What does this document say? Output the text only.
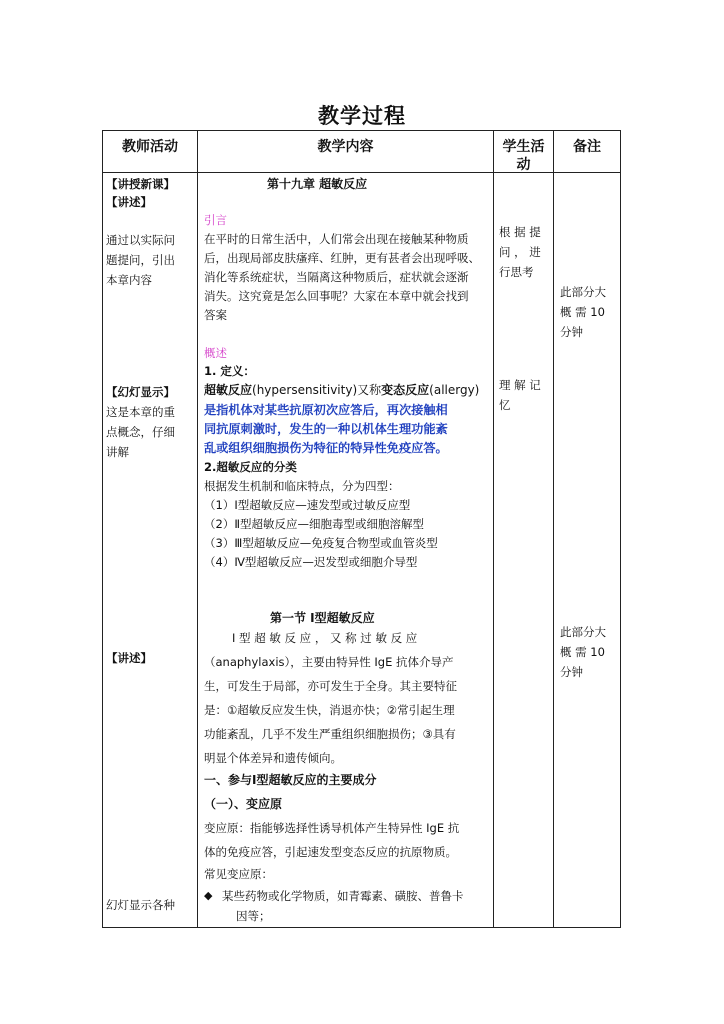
教学过程
教师活动	教学内容	学生活
动
备注
【讲授新课】
【讲述】
通过以实际问
题提问，引出
本章内容
【幻灯显示】
这是本章的重
点概念，仔细
讲解
【讲述】
幻灯显示各种
第十九章 超敏反应
引言
在平时的日常生活中，人们常会出现在接触某种物质
后，出现局部皮肤瘙痒、红肿，更有甚者会出现呼吸、
消化等系统症状，当隔离这种物质后，症状就会逐渐
消失。这究竟是怎么回事呢？大家在本章中就会找到
答案
概述
1. 定义：
超敏反应(hypersensitivity)又称变态反应(allergy)
是指机体对某些抗原初次应答后，再次接触相
同抗原刺激时，发生的一种以机体生理功能紊
乱或组织细胞损伤为特征的特异性免疫应答。
2.超敏反应的分类
根据发生机制和临床特点，分为四型：
（1）Ⅰ型超敏反应—速发型或过敏反应型
（2）Ⅱ型超敏反应—细胞毒型或细胞溶解型
（3）Ⅲ型超敏反应—免疫复合物型或血管炎型
（4）Ⅳ型超敏反应—迟发型或细胞介导型
第一节 Ⅰ型超敏反应
Ⅰ 型 超 敏 反 应 ， 又 称 过 敏 反 应
（anaphylaxis），主要由特异性 IgE 抗体介导产
生，可发生于局部，亦可发生于全身。其主要特征
是：①超敏反应发生快，消退亦快；②常引起生理
功能紊乱，几乎不发生严重组织细胞损伤；③具有
明显个体差异和遗传倾向。
一、参与Ⅰ型超敏反应的主要成分
（一）、变应原
变应原：指能够选择性诱导机体产生特异性 IgE 抗
体的免疫应答，引起速发型变态反应的抗原物质。
常见变应原：
◆ 某些药物或化学物质，如青霉素、磺胺、普鲁卡
因等；
根 据 提
问 ， 进
行思考
理 解 记
忆
此部分大
概 需 10
分钟
此部分大
概 需 10
分钟
